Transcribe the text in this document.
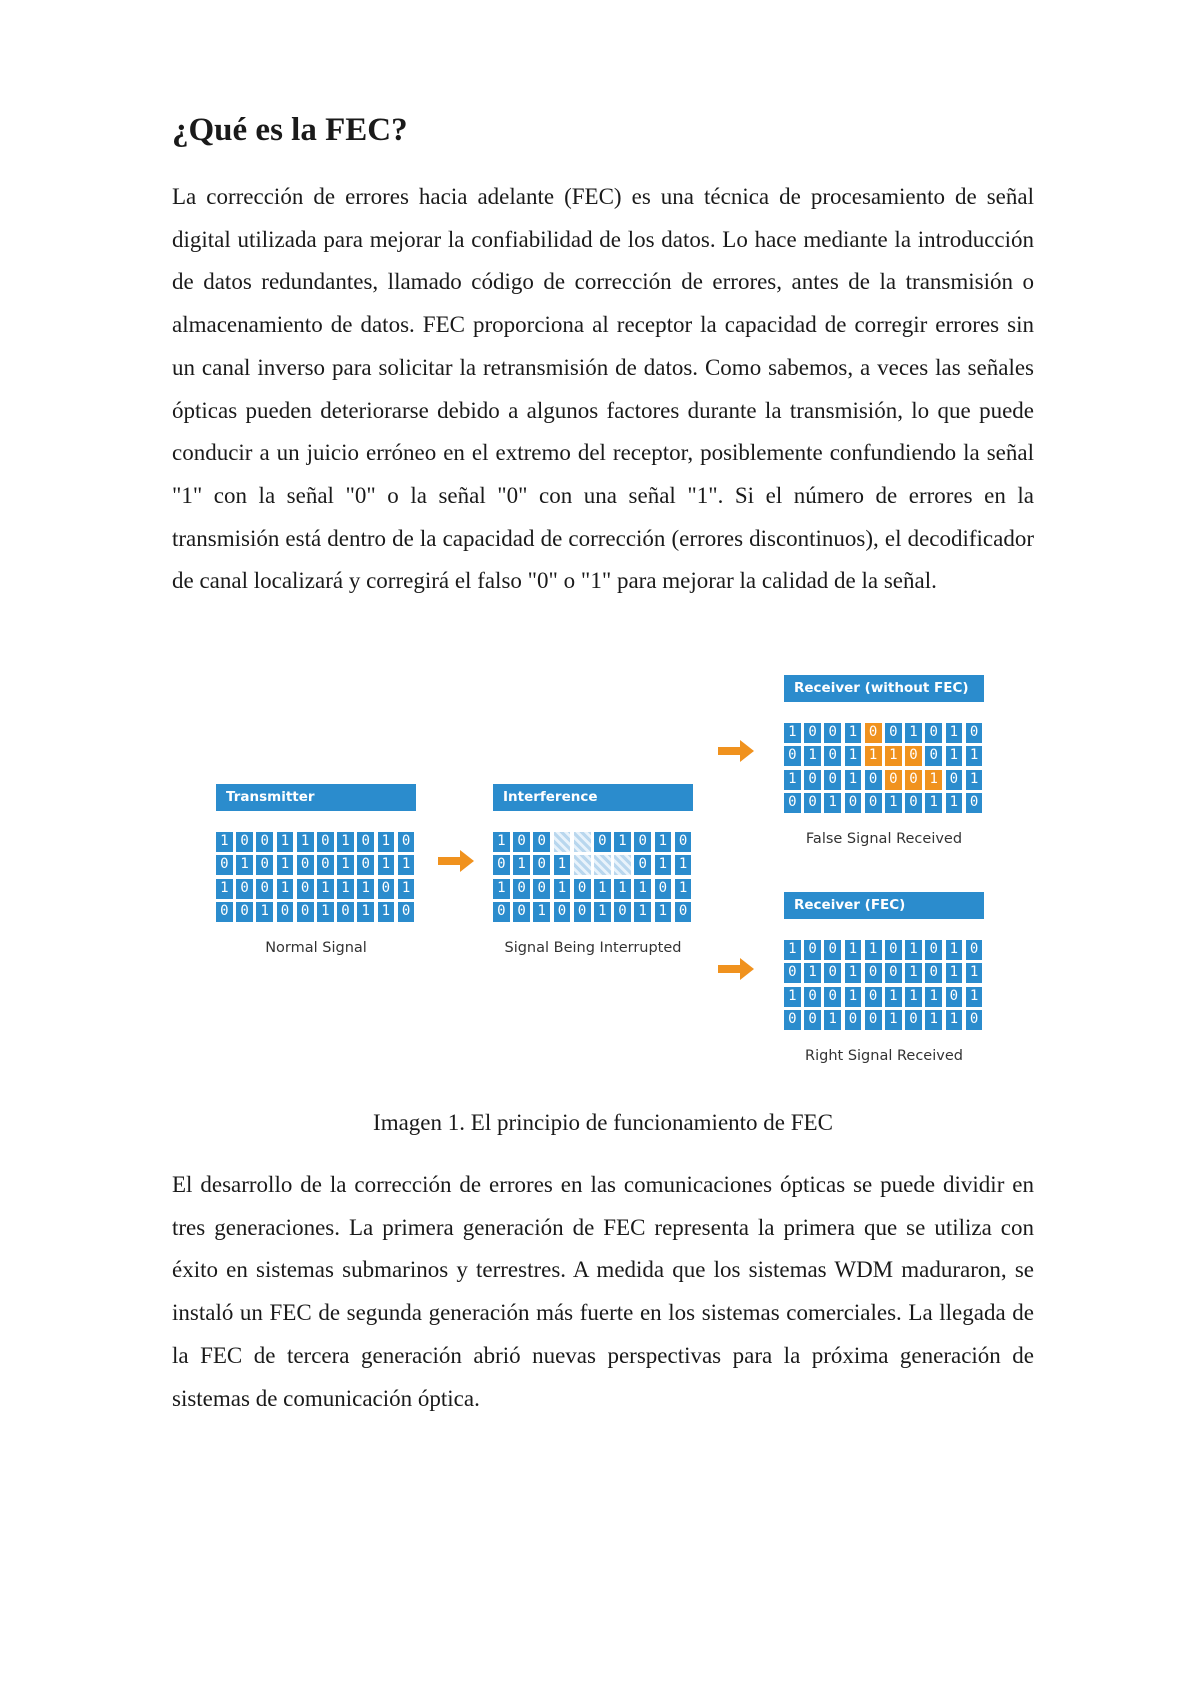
¿Qué es la FEC?

La corrección de errores hacia adelante (FEC) es una técnica de procesamiento de señal digital utilizada para mejorar la confiabilidad de los datos. Lo hace mediante la introducción de datos redundantes, llamado código de corrección de errores, antes de la transmisión o almacenamiento de datos. FEC proporciona al receptor la capacidad de corregir errores sin un canal inverso para solicitar la retransmisión de datos. Como sabemos, a veces las señales ópticas pueden deteriorarse debido a algunos factores durante la transmisión, lo que puede conducir a un juicio erróneo en el extremo del receptor, posiblemente confundiendo la señal "1" con la señal "0" o la señal "0" con una señal "1". Si el número de errores en la transmisión está dentro de la capacidad de corrección (errores discontinuos), el decodificador de canal localizará y corregirá el falso "0" o "1" para mejorar la calidad de la señal.

Transmitter
1 0 0 1 1 0 1 0 1 0
0 1 0 1 0 0 1 0 1 1
1 0 0 1 0 1 1 1 0 1
0 0 1 0 0 1 0 1 1 0
Normal Signal
Interference
1 0 0	0 1 0 1 0
0 1 0 1	0 1 1
1 0 0 1 0 1 1 1 0 1
0 0 1 0 0 1 0 1 1 0
Signal Being Interrupted
Receiver (without FEC)
1 0 0 1 0 0 1 0 1 0
0 1 0 1 1 1 0 0 1 1
1 0 0 1 0 0 0 1 0 1
0 0 1 0 0 1 0 1 1 0
False Signal Received
Receiver (FEC)
1 0 0 1 1 0 1 0 1 0
0 1 0 1 0 0 1 0 1 1
1 0 0 1 0 1 1 1 0 1
0 0 1 0 0 1 0 1 1 0
Right Signal Received

Imagen 1. El principio de funcionamiento de FEC

El desarrollo de la corrección de errores en las comunicaciones ópticas se puede dividir en tres generaciones. La primera generación de FEC representa la primera que se utiliza con éxito en sistemas submarinos y terrestres. A medida que los sistemas WDM maduraron, se instaló un FEC de segunda generación más fuerte en los sistemas comerciales. La llegada de la FEC de tercera generación abrió nuevas perspectivas para la próxima generación de sistemas de comunicación óptica.
